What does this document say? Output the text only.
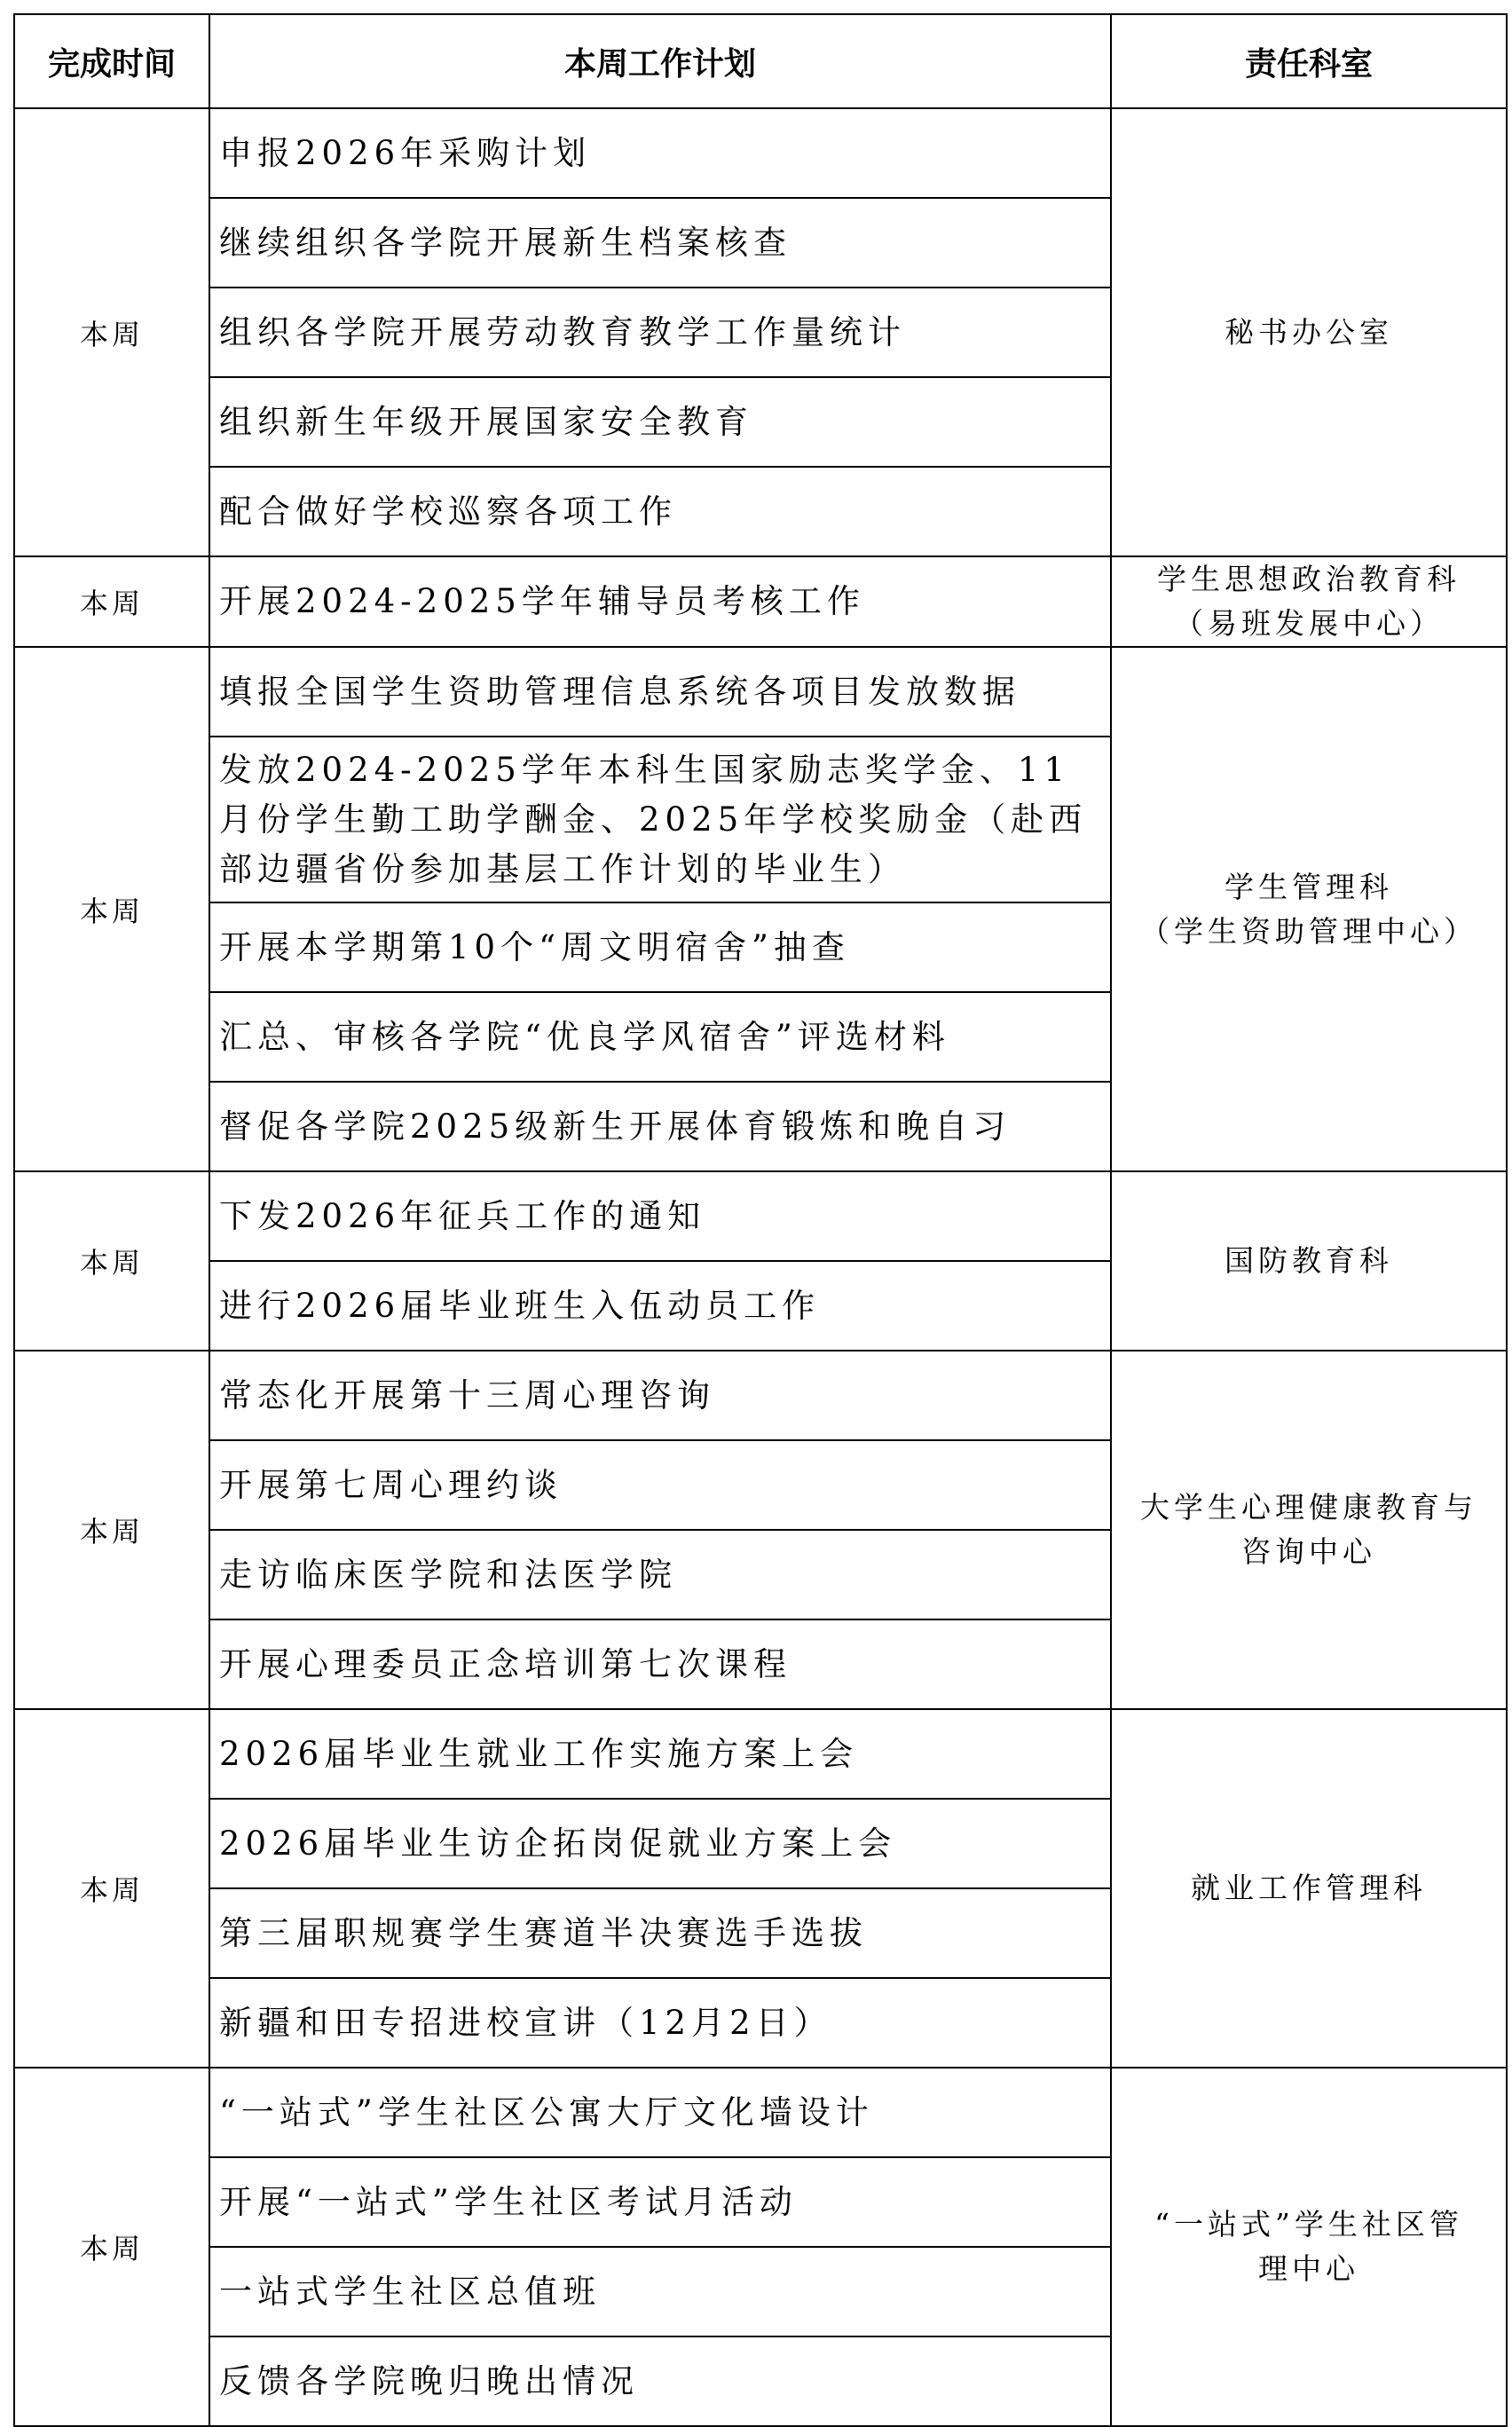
完成时间	本周工作计划	责任科室
本周	申报2026年采购计划	秘书办公室

	继续组织各学院开展新生档案核查	
	组织各学院开展劳动教育教学工作量统计	
	组织新生年级开展国家安全教育	
	配合做好学校巡察各项工作	
本周	开展2024-2025学年辅导员考核工作	学生思想政治教育科
（易班发展中心）

本周	填报全国学生资助管理信息系统各项目发放数据	学生管理科
（学生资助管理中心）

	发放2024-2025学年本科生国家励志奖学金、11月份学生勤工助学酬金、2025年学校奖励金（赴西部边疆省份参加基层工作计划的毕业生）	
	开展本学期第10个“周文明宿舍”抽查	
	汇总、审核各学院“优良学风宿舍”评选材料	
	督促各学院2025级新生开展体育锻炼和晚自习	
本周	下发2026年征兵工作的通知	国防教育科

	进行2026届毕业班生入伍动员工作	
本周	常态化开展第十三周心理咨询	大学生心理健康教育与
咨询中心

	开展第七周心理约谈	
	走访临床医学院和法医学院	
	开展心理委员正念培训第七次课程	
本周	2026届毕业生就业工作实施方案上会	就业工作管理科

	2026届毕业生访企拓岗促就业方案上会	
	第三届职规赛学生赛道半决赛选手选拔	
	新疆和田专招进校宣讲（12月2日）	
本周	“一站式”学生社区公寓大厅文化墙设计	“一站式”学生社区管
理中心

	开展“一站式”学生社区考试月活动	
	一站式学生社区总值班	
	反馈各学院晚归晚出情况	
